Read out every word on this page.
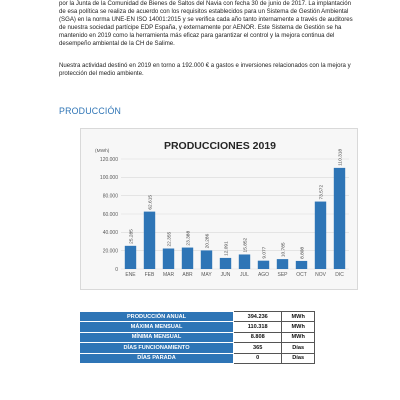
por la Junta de la Comunidad de Bienes de Saltos del Navia con fecha 30 de junio de 2017. La implantación de esa política se realiza de acuerdo con los requisitos establecidos para un Sistema de Gestión Ambiental (SGA) en la norma UNE-EN ISO 14001:2015 y se verifica cada año tanto internamente a través de auditores de nuestra sociedad partícipe EDP España, y externamente por AENOR. Este Sistema de Gestión se ha mantenido en 2019 como la herramienta más eficaz para garantizar el control y la mejora continua del desempeño ambiental de la CH de Salime.

Nuestra actividad destinó en 2019 en torno a 192.000 € a gastos e inversiones relacionados con la mejora y protección del medio ambiente.

PRODUCCIÓN
PRODUCCIONES 2019
0
20.000
40.000
60.000
80.000
100.000
120.000
25.285
62.615
22.355	23.388	20.286
12.091	15.852
9.077	10.785	8.808
73.572
110.318
ENE FEB MAR ABR MAY JUN JUL AGO SEP OCT NOV DIC
(MWh)
PRODUCCIÓN ANUAL	394.236	MWh
MÁXIMA MENSUAL	110.318	MWh
MÍNIMA MENSUAL	8.808	MWh
DÍAS FUNCIONAMIENTO	365	Días
DÍAS PARADA	0	Días
